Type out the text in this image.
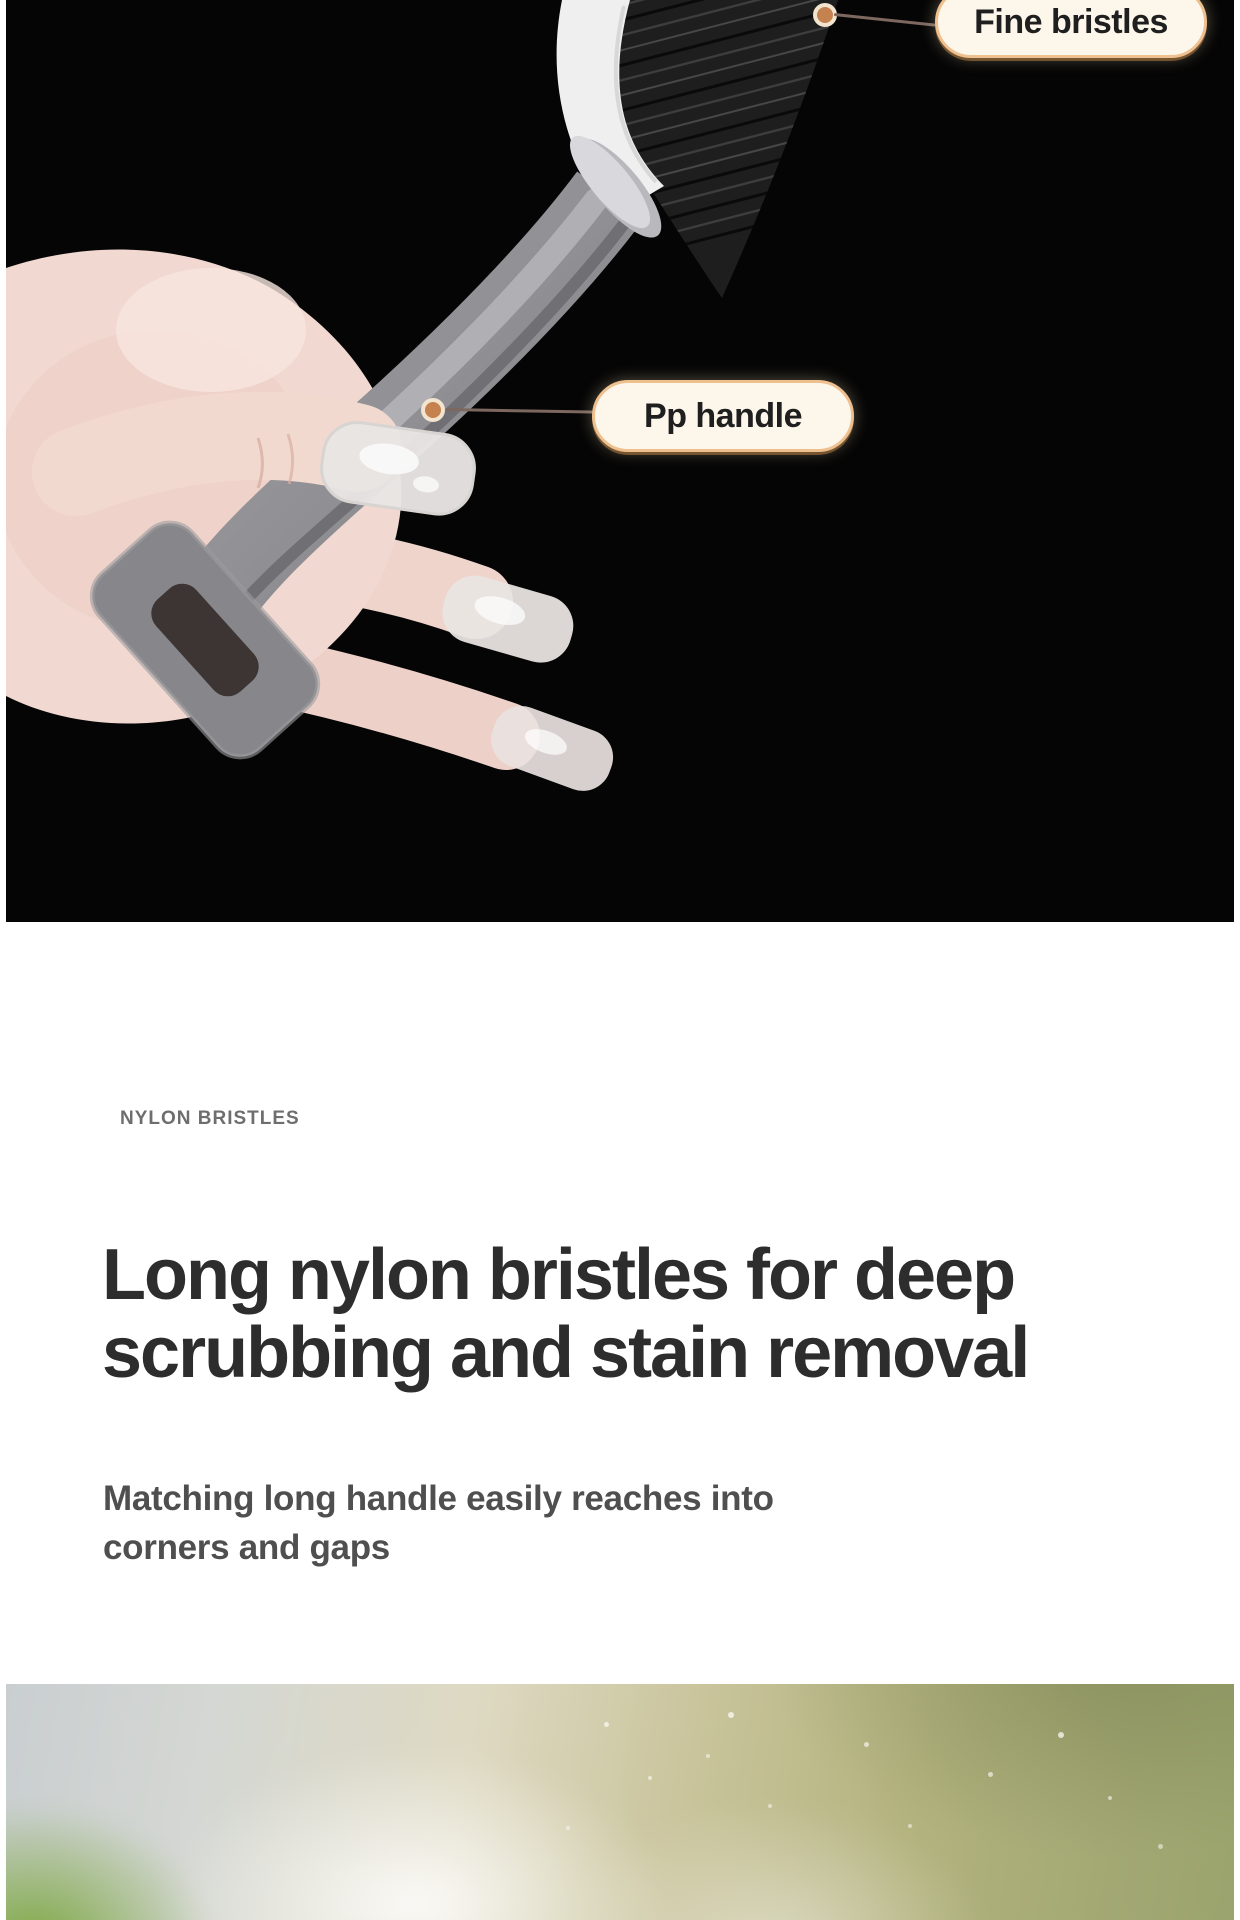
Fine bristles
Pp handle
NYLON BRISTLES
Long nylon bristles for deep
scrubbing and stain removal
Matching long handle easily reaches into
corners and gaps
